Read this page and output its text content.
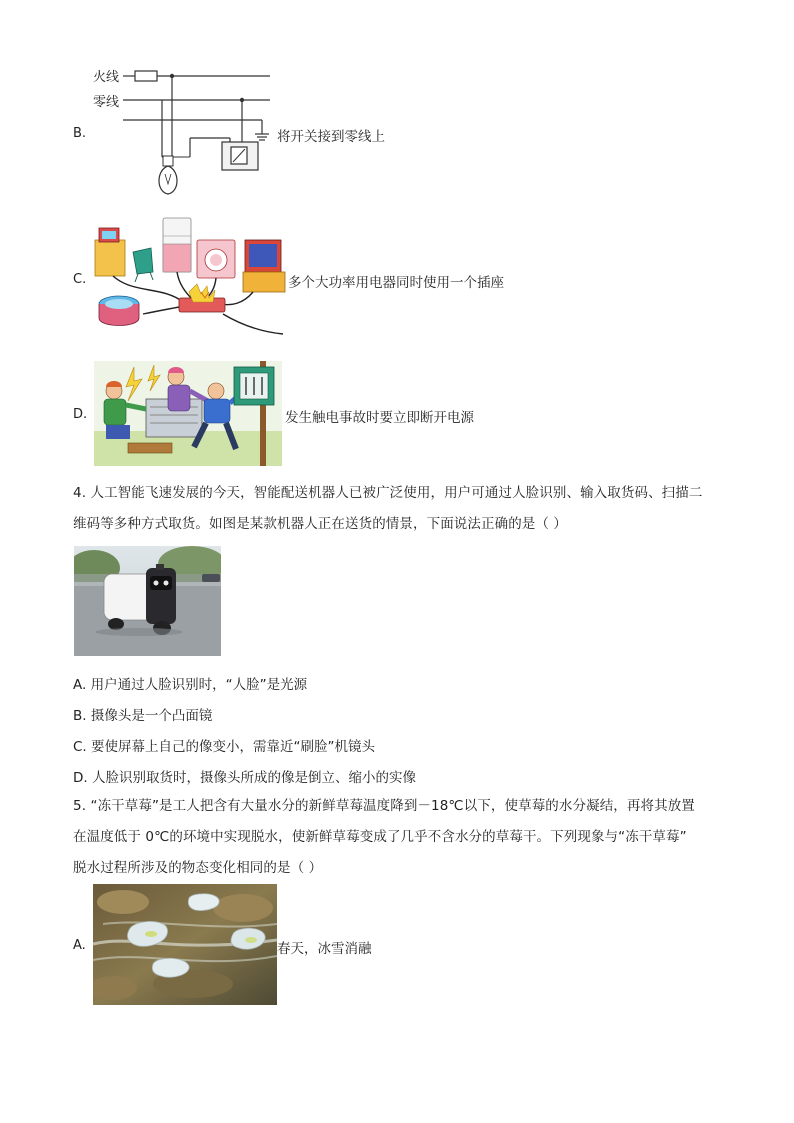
B.
火线
零线
将开关接到零线上
C.	多个大功率用电器同时使用一个插座
D.	发生触电事故时要立即断开电源
4. 人工智能飞速发展的今天，智能配送机器人已被广泛使用，用户可通过人脸识别、输入取货码、扫描二
维码等多种方式取货。如图是某款机器人正在送货的情景，下面说法正确的是（ ）
A. 用户通过人脸识别时，“人脸”是光源
B. 摄像头是一个凸面镜
C. 要使屏幕上自己的像变小，需靠近“刷脸”机镜头
D. 人脸识别取货时，摄像头所成的像是倒立、缩小的实像
5. “冻干草莓”是工人把含有大量水分的新鲜草莓温度降到－18℃以下，使草莓的水分凝结，再将其放置
在温度低于 0℃的环境中实现脱水，使新鲜草莓变成了几乎不含水分的草莓干。下列现象与“冻干草莓”
脱水过程所涉及的物态变化相同的是（ ）
A.	春天，冰雪消融
